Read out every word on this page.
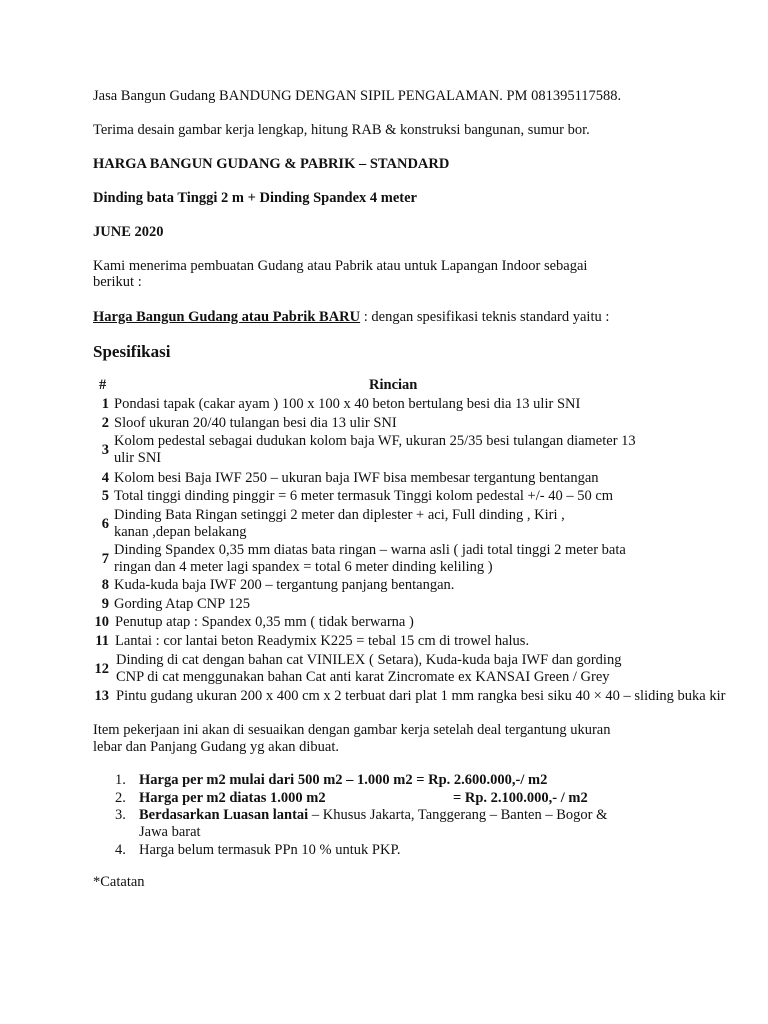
Jasa Bangun Gudang BANDUNG DENGAN SIPIL PENGALAMAN. PM 081395117588.
Terima desain gambar kerja lengkap, hitung RAB & konstruksi bangunan, sumur bor.
HARGA BANGUN GUDANG & PABRIK – STANDARD
Dinding bata Tinggi 2 m + Dinding Spandex 4 meter
JUNE 2020
Kami menerima pembuatan Gudang atau Pabrik atau untuk Lapangan Indoor sebagai
berikut :
Harga Bangun Gudang atau Pabrik BARU : dengan spesifikasi teknis standard yaitu :
Spesifikasi
#	Rincian
1 Pondasi tapak (cakar ayam ) 100 x 100 x 40 beton bertulang besi dia 13 ulir SNI
2 Sloof ukuran 20/40 tulangan besi dia 13 ulir SNI
3
Kolom pedestal sebagai dudukan kolom baja WF, ukuran 25/35 besi tulangan diameter 13
ulir SNI
4 Kolom besi Baja IWF 250 – ukuran baja IWF bisa membesar tergantung bentangan
5 Total tinggi dinding pinggir = 6 meter termasuk Tinggi kolom pedestal +/- 40 – 50 cm
6
Dinding Bata Ringan setinggi 2 meter dan diplester + aci, Full dinding , Kiri ,
kanan ,depan belakang
7
Dinding Spandex 0,35 mm diatas bata ringan – warna asli ( jadi total tinggi 2 meter bata
ringan dan 4 meter lagi spandex = total 6 meter dinding keliling )
8 Kuda-kuda baja IWF 200 – tergantung panjang bentangan.
9 Gording Atap CNP 125
10 Penutup atap : Spandex 0,35 mm ( tidak berwarna )
11 Lantai : cor lantai beton Readymix K225 = tebal 15 cm di trowel halus.
12
Dinding di cat dengan bahan cat VINILEX ( Setara), Kuda-kuda baja IWF dan gording
CNP di cat menggunakan bahan Cat anti karat Zincromate ex KANSAI Green / Grey
13 Pintu gudang ukuran 200 x 400 cm x 2 terbuat dari plat 1 mm rangka besi siku 40 × 40 – sliding buka kir
Item pekerjaan ini akan di sesuaikan dengan gambar kerja setelah deal tergantung ukuran
lebar dan Panjang Gudang yg akan dibuat.
1. Harga per m2 mulai dari 500 m2 – 1.000 m2 = Rp. 2.600.000,-/ m2
2. Harga per m2 diatas 1.000 m2	= Rp. 2.100.000,- / m2
3. Berdasarkan Luasan lantai – Khusus Jakarta, Tanggerang – Banten – Bogor &
Jawa barat
4. Harga belum termasuk PPn 10 % untuk PKP.
*Catatan
